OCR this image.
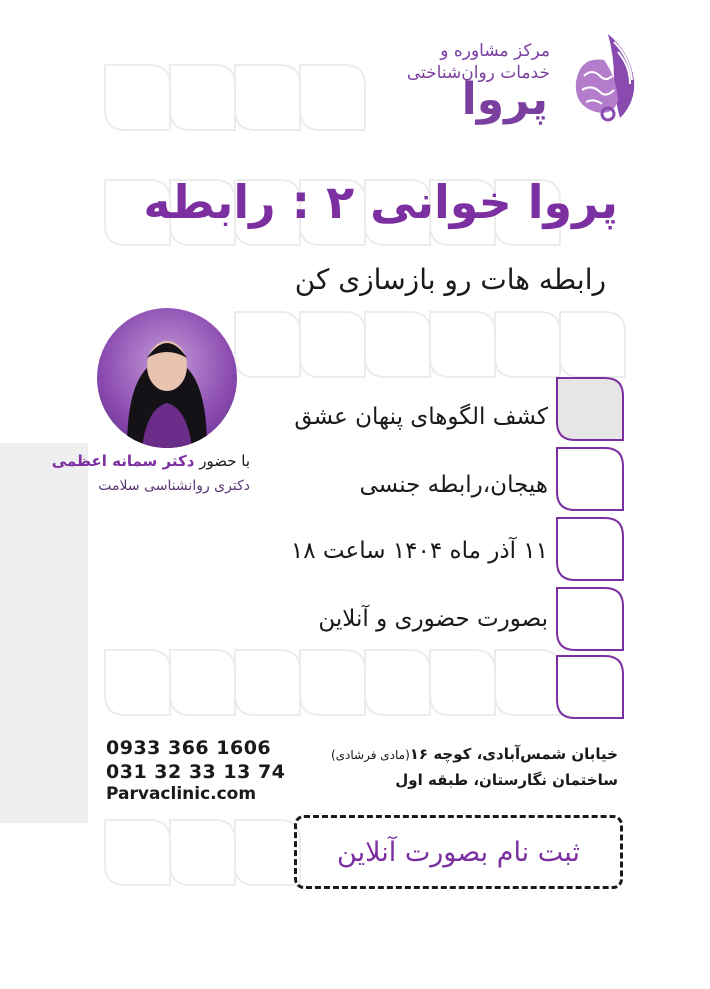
مرکز مشاوره و
خدمات روان‌شناختی
پروا
پروا خوانی ۲ : رابطه
رابطه هات رو بازسازی کن
با حضور دکتر سمانه اعظمی
دکتری روانشناسی سلامت
کشف الگوهای پنهان عشق
هیجان،رابطه جنسی
۱۱ آذر ماه ۱۴۰۴ ساعت ۱۸
بصورت حضوری و آنلاین
0933 366 1606
031 32 33 13 74
Parvaclinic.com
خیابان شمس‌آبادی، کوچه ۱۶(مادی فرشادی)
ساختمان نگارستان، طبقه اول
ثبت نام بصورت آنلاین
